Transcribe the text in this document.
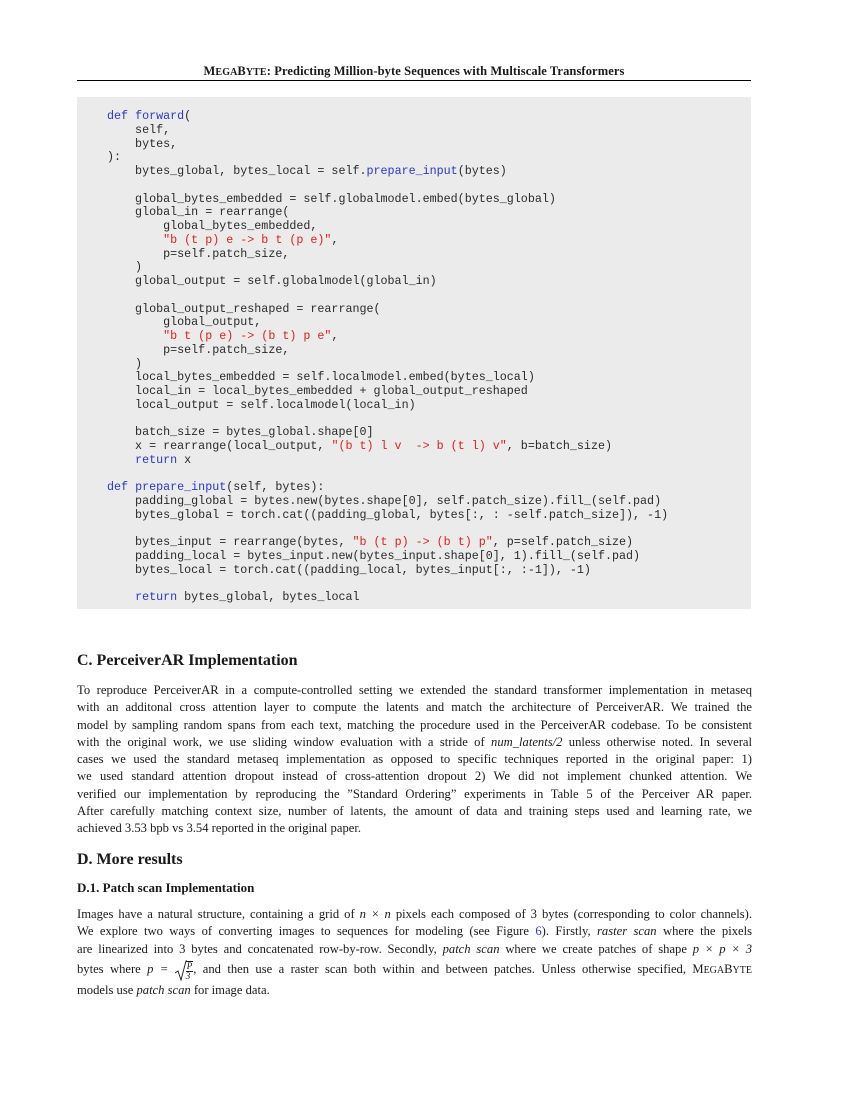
MEGABYTE: Predicting Million-byte Sequences with Multiscale Transformers
def forward(
self,
bytes,
):
bytes_global, bytes_local = self.prepare_input(bytes)

global_bytes_embedded = self.globalmodel.embed(bytes_global)
global_in = rearrange(
global_bytes_embedded,
"b (t p) e -> b t (p e)",
p=self.patch_size,
)
global_output = self.globalmodel(global_in)

global_output_reshaped = rearrange(
global_output,
"b t (p e) -> (b t) p e",
p=self.patch_size,
)
local_bytes_embedded = self.localmodel.embed(bytes_local)
local_in = local_bytes_embedded + global_output_reshaped
local_output = self.localmodel(local_in)

batch_size = bytes_global.shape[0]
x = rearrange(local_output, "(b t) l v  -> b (t l) v", b=batch_size)
return x

def prepare_input(self, bytes):
padding_global = bytes.new(bytes.shape[0], self.patch_size).fill_(self.pad)
bytes_global = torch.cat((padding_global, bytes[:, : -self.patch_size]), -1)

bytes_input = rearrange(bytes, "b (t p) -> (b t) p", p=self.patch_size)
padding_local = bytes_input.new(bytes_input.shape[0], 1).fill_(self.pad)
bytes_local = torch.cat((padding_local, bytes_input[:, :-1]), -1)

return bytes_global, bytes_local
C. PerceiverAR Implementation
To reproduce PerceiverAR in a compute-controlled setting we extended the standard transformer implementation in metaseq
with an additonal cross attention layer to compute the latents and match the architecture of PerceiverAR. We trained the
model by sampling random spans from each text, matching the procedure used in the PerceiverAR codebase. To be consistent
with the original work, we use sliding window evaluation with a stride of num_latents/2 unless otherwise noted. In several
cases we used the standard metaseq implementation as opposed to specific techniques reported in the original paper: 1)
we used standard attention dropout instead of cross-attention dropout 2) We did not implement chunked attention. We
verified our implementation by reproducing the ”Standard Ordering” experiments in Table 5 of the Perceiver AR paper.
After carefully matching context size, number of latents, the amount of data and training steps used and learning rate, we
achieved 3.53 bpb vs 3.54 reported in the original paper.
D. More results
D.1. Patch scan Implementation
Images have a natural structure, containing a grid of n × n pixels each composed of 3 bytes (corresponding to color channels).
We explore two ways of converting images to sequences for modeling (see Figure 6). Firstly, raster scan where the pixels
are linearized into 3 bytes and concatenated row-by-row. Secondly, patch scan where we create patches of shape p × p × 3
bytes where $p = \frac{P}{3}$ , and then use a raster scan both within and between patches. Unless otherwise specified, MEGABYTE
models use patch scan for image data.
